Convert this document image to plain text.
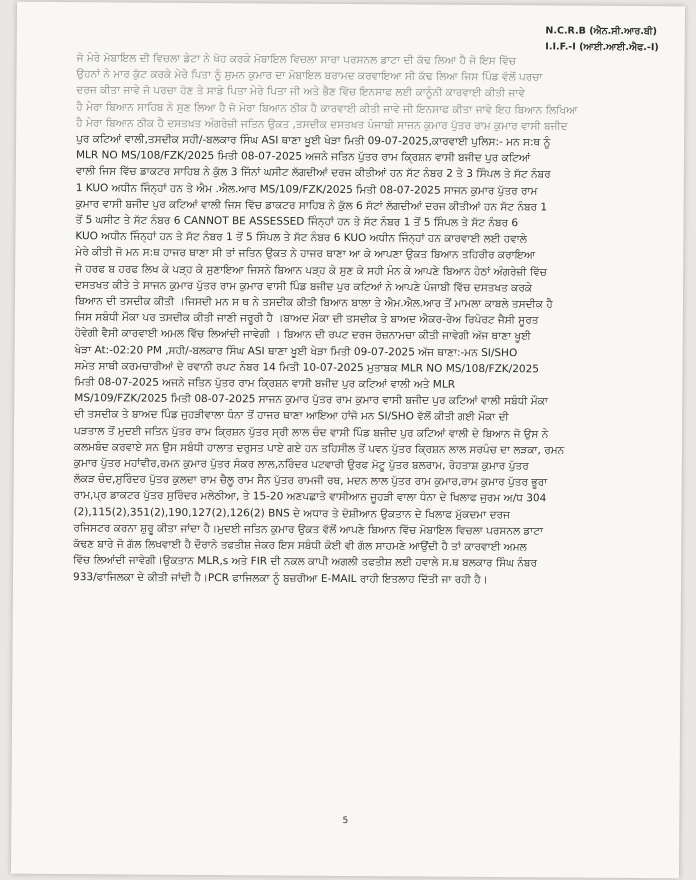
N.C.R.B (ਐਨ.ਸੀ.ਆਰ.ਬੀ)
I.I.F.-I (ਆਈ.ਆਈ.ਐਫ.-I)
ਜੋ ਮੇਰੇ ਮੋਬਾਇਲ ਦੀ ਵਿਚਲਾ ਡੇਟਾ ਨੇ ਖੋਹ ਕਰਕੇ ਮੋਬਾਇਲ ਵਿਚਲਾ ਸਾਰਾ ਪਰਸਨਲ ਡਾਟਾ ਦੀ ਕੱਢ ਲਿਆ ਹੈ ਜੋ ਇਸ ਵਿੱਚ
ਉਹਨਾਂ ਨੇ ਮਾਰ ਕੁੱਟ ਕਰਕੇ ਮੇਰੇ ਪਿਤਾ ਨੂੰ ਸੁਮਨ ਕੁਮਾਰ ਦਾ ਮੋਬਾਇਲ ਬਰਾਮਦ ਕਰਵਾਇਆ ਸੀ ਕੱਢ ਲਿਆ ਜਿਸ ਪਿੰਡ ਵੱਲੋਂ ਪਰਚਾ
ਦਰਜ ਕੀਤਾ ਜਾਵੇ ਜੋ ਪਰਚਾ ਹੋਣ ਤੇ ਸਾਡੇ ਪਿਤਾ ਮੇਰੇ ਪਿਤਾ ਜੀ ਅਤੇ ਭੈਣ ਵਿੱਚ ਇਨਸਾਫ ਲਈ ਕਾਨੂੰਨੀ ਕਾਰਵਾਈ ਕੀਤੀ ਜਾਵੇ
ਹੈ ਮੇਰਾ ਬਿਆਨ ਸਾਹਿਬ ਨੇ ਸੁਣ ਲਿਆ ਹੈ ਜੋ ਮੇਰਾ ਬਿਆਨ ਠੀਕ ਹੈ ਕਾਰਵਾਈ ਕੀਤੀ ਜਾਵੇ ਜੀ ਇਨਸਾਫ ਕੀਤਾ ਜਾਵੇ ਇਹ ਬਿਆਨ ਲਿਖਿਆ
ਹੈ ਮੇਰਾ ਬਿਆਨ ਠੀਕ ਹੈ ਦਸਤਖਤ ਅੰਗਰੇਜ਼ੀ ਜਤਿਨ ਉਕਤ ,ਤਸਦੀਕ ਦਸਤਖਤ ਪੰਜਾਬੀ ਸਾਜਨ ਕੁਮਾਰ ਪੁੱਤਰ ਰਾਮ ਕੁਮਾਰ ਵਾਸੀ ਬਜੀਦ
ਪੁਰ ਕਟਿਆਂ ਵਾਲੀ,ਤਸਦੀਕ ਸਹੀ/-ਬਲਕਾਰ ਸਿੰਘ ASI ਥਾਣਾ ਖੂਈ ਖੇੜਾ ਮਿਤੀ 09-07-2025,ਕਾਰਵਾਈ ਪੁਲਿਸ:- ਮਨ ਸ:ਥ ਨੂੰ
MLR NO MS/108/FZK/2025 ਮਿਤੀ 08-07-2025 ਅਜਨੇ ਜਤਿਨ ਪੁੱਤਰ ਰਾਮ ਕ੍ਰਿਸ਼ਨ ਵਾਸੀ ਬਜੀਦ ਪੁਰ ਕਟਿਆਂ
ਵਾਲੀ ਜਿਸ ਵਿੱਚ ਡਾਕਟਰ ਸਾਹਿਬ ਨੇ ਕੁੱਲ 3 ਜਿੱਨਾਂ ਘਸੀਟ ਲੱਗਦੀਆਂ ਦਰਜ ਕੀਤੀਆਂ ਹਨ ਸੱਟ ਨੰਬਰ 2 ਤੇ 3 ਸਿੰਪਲ ਤੇ ਸੱਟ ਨੰਬਰ
1 KUO ਅਧੀਨ ਜਿੰਨ੍ਹਾਂ ਹਨ ਤੇ ਐਮ .ਐਲ.ਆਰ MS/109/FZK/2025 ਮਿਤੀ 08-07-2025 ਸਾਜਨ ਕੁਮਾਰ ਪੁੱਤਰ ਰਾਮ
ਕੁਮਾਰ ਵਾਸੀ ਬਜੀਦ ਪੁਰ ਕਟਿਆਂ ਵਾਲੀ ਜਿਸ ਵਿੱਚ ਡਾਕਟਰ ਸਾਹਿਬ ਨੇ ਕੁੱਲ 6 ਸੱਟਾਂ ਲੱਗਦੀਆਂ ਦਰਜ ਕੀਤੀਆਂ ਹਨ ਸੱਟ ਨੰਬਰ 1
ਤੋਂ 5 ਘਸੀਟ ਤੇ ਸੱਟ ਨੰਬਰ 6 CANNOT BE ASSESSED ਜਿੰਨ੍ਹਾਂ ਹਨ ਤੇ ਸੱਟ ਨੰਬਰ 1 ਤੋਂ 5 ਸਿੰਪਲ ਤੇ ਸੱਟ ਨੰਬਰ 6
KUO ਅਧੀਨ ਜਿੰਨ੍ਹਾਂ ਹਨ ਤੇ ਸੱਟ ਨੰਬਰ 1 ਤੋਂ 5 ਸਿੰਪਲ ਤੇ ਸੱਟ ਨੰਬਰ 6 KUO ਅਧੀਨ ਜਿੰਨ੍ਹਾਂ ਹਨ ਕਾਰਵਾਈ ਲਈ ਹਵਾਲੇ
ਮੇਰੇ ਕੀਤੀ ਜੋ ਮਨ ਸ:ਥ ਹਾਜਰ ਥਾਣਾ ਸੀ ਤਾਂ ਜਤਿਨ ਉਕਤ ਨੇ ਹਾਜਰ ਥਾਣਾ ਆ ਕੇ ਆਪਣਾ ਉਕਤ ਬਿਆਨ ਤਹਿਰੀਰ ਕਰਾਇਆ
ਜੋ ਹਰਫ ਬ ਹਰਫ ਲਿਖ ਕੇ ਪੜ੍ਹ ਕੇ ਸੁਣਾਇਆ ਜਿਸਨੇ ਬਿਆਨ ਪੜ੍ਹ ਕੇ ਸੁਣ ਕੇ ਸਹੀ ਮੰਨ ਕੇ ਆਪਣੇ ਬਿਆਨ ਹੇਠਾਂ ਅੰਗਰੇਜ਼ੀ ਵਿੱਚ
ਦਸਤਖਤ ਕੀਤੇ ਤੇ ਸਾਜਨ ਕੁਮਾਰ ਪੁੱਤਰ ਰਾਮ ਕੁਮਾਰ ਵਾਸੀ ਪਿੰਡ ਬਜੀਦ ਪੁਰ ਕਟਿਆਂ ਨੇ ਆਪਣੇ ਪੰਜਾਬੀ ਵਿੱਚ ਦਸਤਖਤ ਕਰਕੇ
ਬਿਆਨ ਦੀ ਤਸਦੀਕ ਕੀਤੀ ।ਜਿਸਦੀ ਮਨ ਸ ਥ ਨੇ ਤਸਦੀਕ ਕੀਤੀ ਬਿਆਨ ਬਾਲਾ ਤੇ ਐਮ.ਐਲ.ਆਰ ਤੋਂ ਮਾਮਲਾ ਕਾਬਲੇ ਤਸਦੀਕ ਹੈ
ਜਿਸ ਸਬੰਧੀ ਮੌਕਾ ਪਰ ਤਸਦੀਕ ਕੀਤੀ ਜਾਣੀ ਜਰੂਰੀ ਹੈ ।ਬਾਅਦ ਮੌਕਾ ਦੀ ਤਸਦੀਕ ਤੇ ਬਾਅਦ ਐਕਰ-ਰੇਅ ਰਿਪੋਰਟ ਜੈਸੀ ਸੂਰਤ
ਹੋਵੇਗੀ ਵੈਸੀ ਕਾਰਵਾਈ ਅਮਲ ਵਿੱਚ ਲਿਆਂਦੀ ਜਾਵੇਗੀ । ਬਿਆਨ ਦੀ ਰਪਟ ਦਰਜ ਰੋਜ਼ਨਾਮਚਾ ਕੀਤੀ ਜਾਵੇਗੀ ਅੱਜ ਥਾਣਾ ਖੂਈ
ਖੇੜਾ At:-02:20 PM ,ਸਹੀ/-ਬਲਕਾਰ ਸਿੰਘ ASI ਥਾਣਾ ਖੂਈ ਖੇੜਾ ਮਿਤੀ 09-07-2025 ਅੱਜ ਥਾਣਾ:-ਮਨ SI/SHO
ਸਮੇਤ ਸਾਥੀ ਕਰਮਚਾਰੀਆਂ ਦੇ ਰਵਾਨੀ ਰਪਟ ਨੰਬਰ 14 ਮਿਤੀ 10-07-2025 ਮੁਤਾਬਕ MLR NO MS/108/FZK/2025
ਮਿਤੀ 08-07-2025 ਅਜਨੇ ਜਤਿਨ ਪੁੱਤਰ ਰਾਮ ਕ੍ਰਿਸ਼ਨ ਵਾਸੀ ਬਜੀਦ ਪੁਰ ਕਟਿਆਂ ਵਾਲੀ ਅਤੇ MLR
MS/109/FZK/2025 ਮਿਤੀ 08-07-2025 ਸਾਜਨ ਕੁਮਾਰ ਪੁੱਤਰ ਰਾਮ ਕੁਮਾਰ ਵਾਸੀ ਬਜੀਦ ਪੁਰ ਕਟਿਆਂ ਵਾਲੀ ਸਬੰਧੀ ਮੌਕਾ
ਦੀ ਤਸਦੀਕ ਤੇ ਬਾਅਦ ਪਿੰਡ ਜੁਹੜੀਵਾਲਾ ਧੰਨਾ ਤੋਂ ਹਾਜਰ ਥਾਣਾ ਆਇਆ ਹਾਂਜੋ ਮਨ SI/SHO ਵੱਲੋਂ ਕੀਤੀ ਗਈ ਮੌਕਾ ਦੀ
ਪੜਤਾਲ ਤੋਂ ਮੁਦਈ ਜਤਿਨ ਪੁੱਤਰ ਰਾਮ ਕ੍ਰਿਸ਼ਨ ਪੁੱਤਰ ਸ੍ਰੀ ਲਾਲ ਚੰਦ ਵਾਸੀ ਪਿੰਡ ਬਜੀਦ ਪੁਰ ਕਟਿਆਂ ਵਾਲੀ ਦੇ ਬਿਆਨ ਜੋ ਉਸ ਨੇ
ਕਲਮਬੰਦ ਕਰਵਾਏ ਸਨ ਉਸ ਸਬੰਧੀ ਹਾਲਾਤ ਦਰੁਸਤ ਪਾਏ ਗਏ ਹਨ ਤਹਿਸੀਲ ਤੋਂ ਪਵਨ ਪੁੱਤਰ ਕ੍ਰਿਸ਼ਨ ਲਾਲ ਸਰਪੰਚ ਦਾ ਲੜਕਾ, ਰਮਨ
ਕੁਮਾਰ ਪੁੱਤਰ ਮਹਾਂਵੀਰ,ਰਮਨ ਕੁਮਾਰ ਪੁੱਤਰ ਸੰਕਰ ਲਾਲ,ਨਰਿੰਦਰ ਪਟਵਾਰੀ ਉਰਫ ਮੋਟੂ ਪੁੱਤਰ ਬਲਰਾਮ, ਰੋਹਤਾਸ਼ ਕੁਮਾਰ ਪੁੱਤਰ
ਲੱਕੜ ਚੰਦ,ਸੁਰਿੰਦਰ ਪੁੱਤਰ ਕੁਲਦਾ ਰਾਮ ਚੈਲੂ ਰਾਮ ਸੈਨ ਪੁੱਤਰ ਰਾਮਜੀ ਰਥ, ਮਦਨ ਲਾਲ ਪੁੱਤਰ ਰਾਮ ਕੁਮਾਰ,ਰਾਮ ਕੁਮਾਰ ਪੁੱਤਰ ਭੂਰਾ
ਰਾਮ,ਪ੍ਰ ਡਾਕਟਰ ਪੁੱਤਰ ਸੁਰਿੰਦਰ ਮਲੇਠੀਆ, ਤੇ 15-20 ਅਣਪਛਾਤੇ ਵਾਸੀਆਨ ਜੂਹੜੀ ਵਾਲਾ ਧੰਨਾ ਦੇ ਖਿਲਾਫ ਜੁਰਮ ਅ/ਧ 304
(2),115(2),351(2),190,127(2),126(2) BNS ਦੇ ਅਧਾਰ ਤੇ ਦੋਸ਼ੀਆਨ ਉਕਤਾਨ ਦੇ ਖਿਲਾਫ ਮੁੱਕਦਮਾ ਦਰਜ
ਰਜਿਸਟਰ ਕਰਨਾ ਸ਼ੁਰੂ ਕੀਤਾ ਜਾਂਦਾ ਹੈ।ਮੁਦਈ ਜਤਿਨ ਕੁਮਾਰ ਉਕਤ ਵੱਲੋਂ ਆਪਣੇ ਬਿਆਨ ਵਿੱਚ ਮੋਬਾਇਲ ਵਿਚਲਾ ਪਰਸਨਲ ਡਾਟਾ
ਕੱਢਣ ਬਾਰੇ ਜੋ ਗੱਲ ਲਿਖਵਾਈ ਹੈ ਦੌਰਾਨੇ ਤਫਤੀਸ਼ ਜੇਕਰ ਇਸ ਸਬੰਧੀ ਕੋਈ ਵੀ ਗੱਲ ਸਾਹਮਣੇ ਆਉਂਦੀ ਹੈ ਤਾਂ ਕਾਰਵਾਈ ਅਮਲ
ਵਿੱਚ ਲਿਆਂਦੀ ਜਾਵੇਗੀ।ਉਕਤਾਨ MLR,s ਅਤੇ FIR ਦੀ ਨਕਲ ਕਾਪੀ ਅਗਲੀ ਤਫਤੀਸ਼ ਲਈ ਹਵਾਲੇ ਸ.ਥ ਬਲਕਾਰ ਸਿੰਘ ਨੰਬਰ
933/ਫਾਜਿਲਕਾ ਦੇ ਕੀਤੀ ਜਾਂਦੀ ਹੈ।PCR ਫਾਜਿਲਕਾ ਨੂੰ ਬਜ਼ਰੀਆ E-MAIL ਰਾਹੀ ਇਤਲਾਹ ਦਿੱਤੀ ਜਾ ਰਹੀ ਹੈ।
5
